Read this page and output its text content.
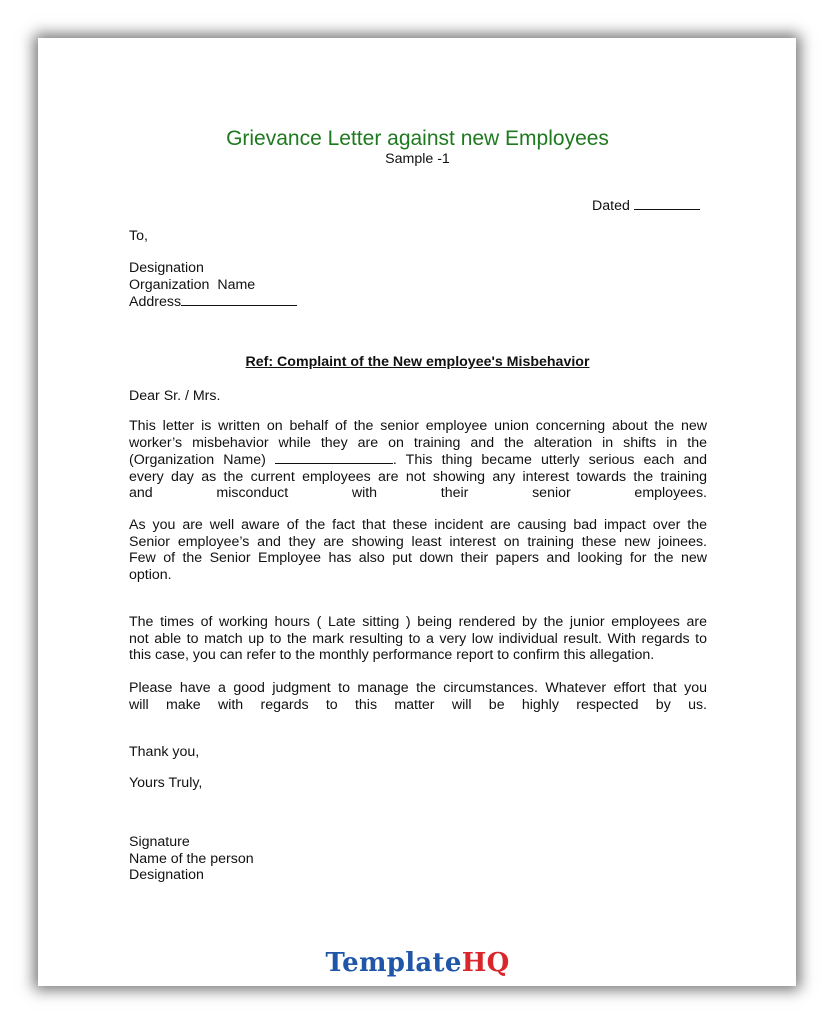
Grievance Letter against new Employees
Sample -1
Dated
To,
Designation
Organization  Name
Address
Ref: Complaint of the New employee's Misbehavior
Dear Sr. / Mrs.
This letter is written on behalf of the senior employee union concerning about the new
worker’s misbehavior while they are on training and the alteration in shifts in the
(Organization Name)	. This thing became utterly serious each and
every day as the current employees are not showing any interest towards the training
and misconduct with their senior employees.
As you are well aware of the fact that these incident are causing bad impact over the
Senior employee’s and they are showing least interest on training these new joinees.
Few of the Senior Employee has also put down their papers and looking for the new
option.
The times of working hours ( Late sitting ) being rendered by the junior employees are
not able to match up to the mark resulting to a very low individual result. With regards to
this case, you can refer to the monthly performance report to confirm this allegation.
Please have a good judgment to manage the circumstances. Whatever effort that you
will make with regards to this matter will be highly respected by us.
Thank you,
Yours Truly,
Signature
Name of the person
Designation
TemplateHQ
